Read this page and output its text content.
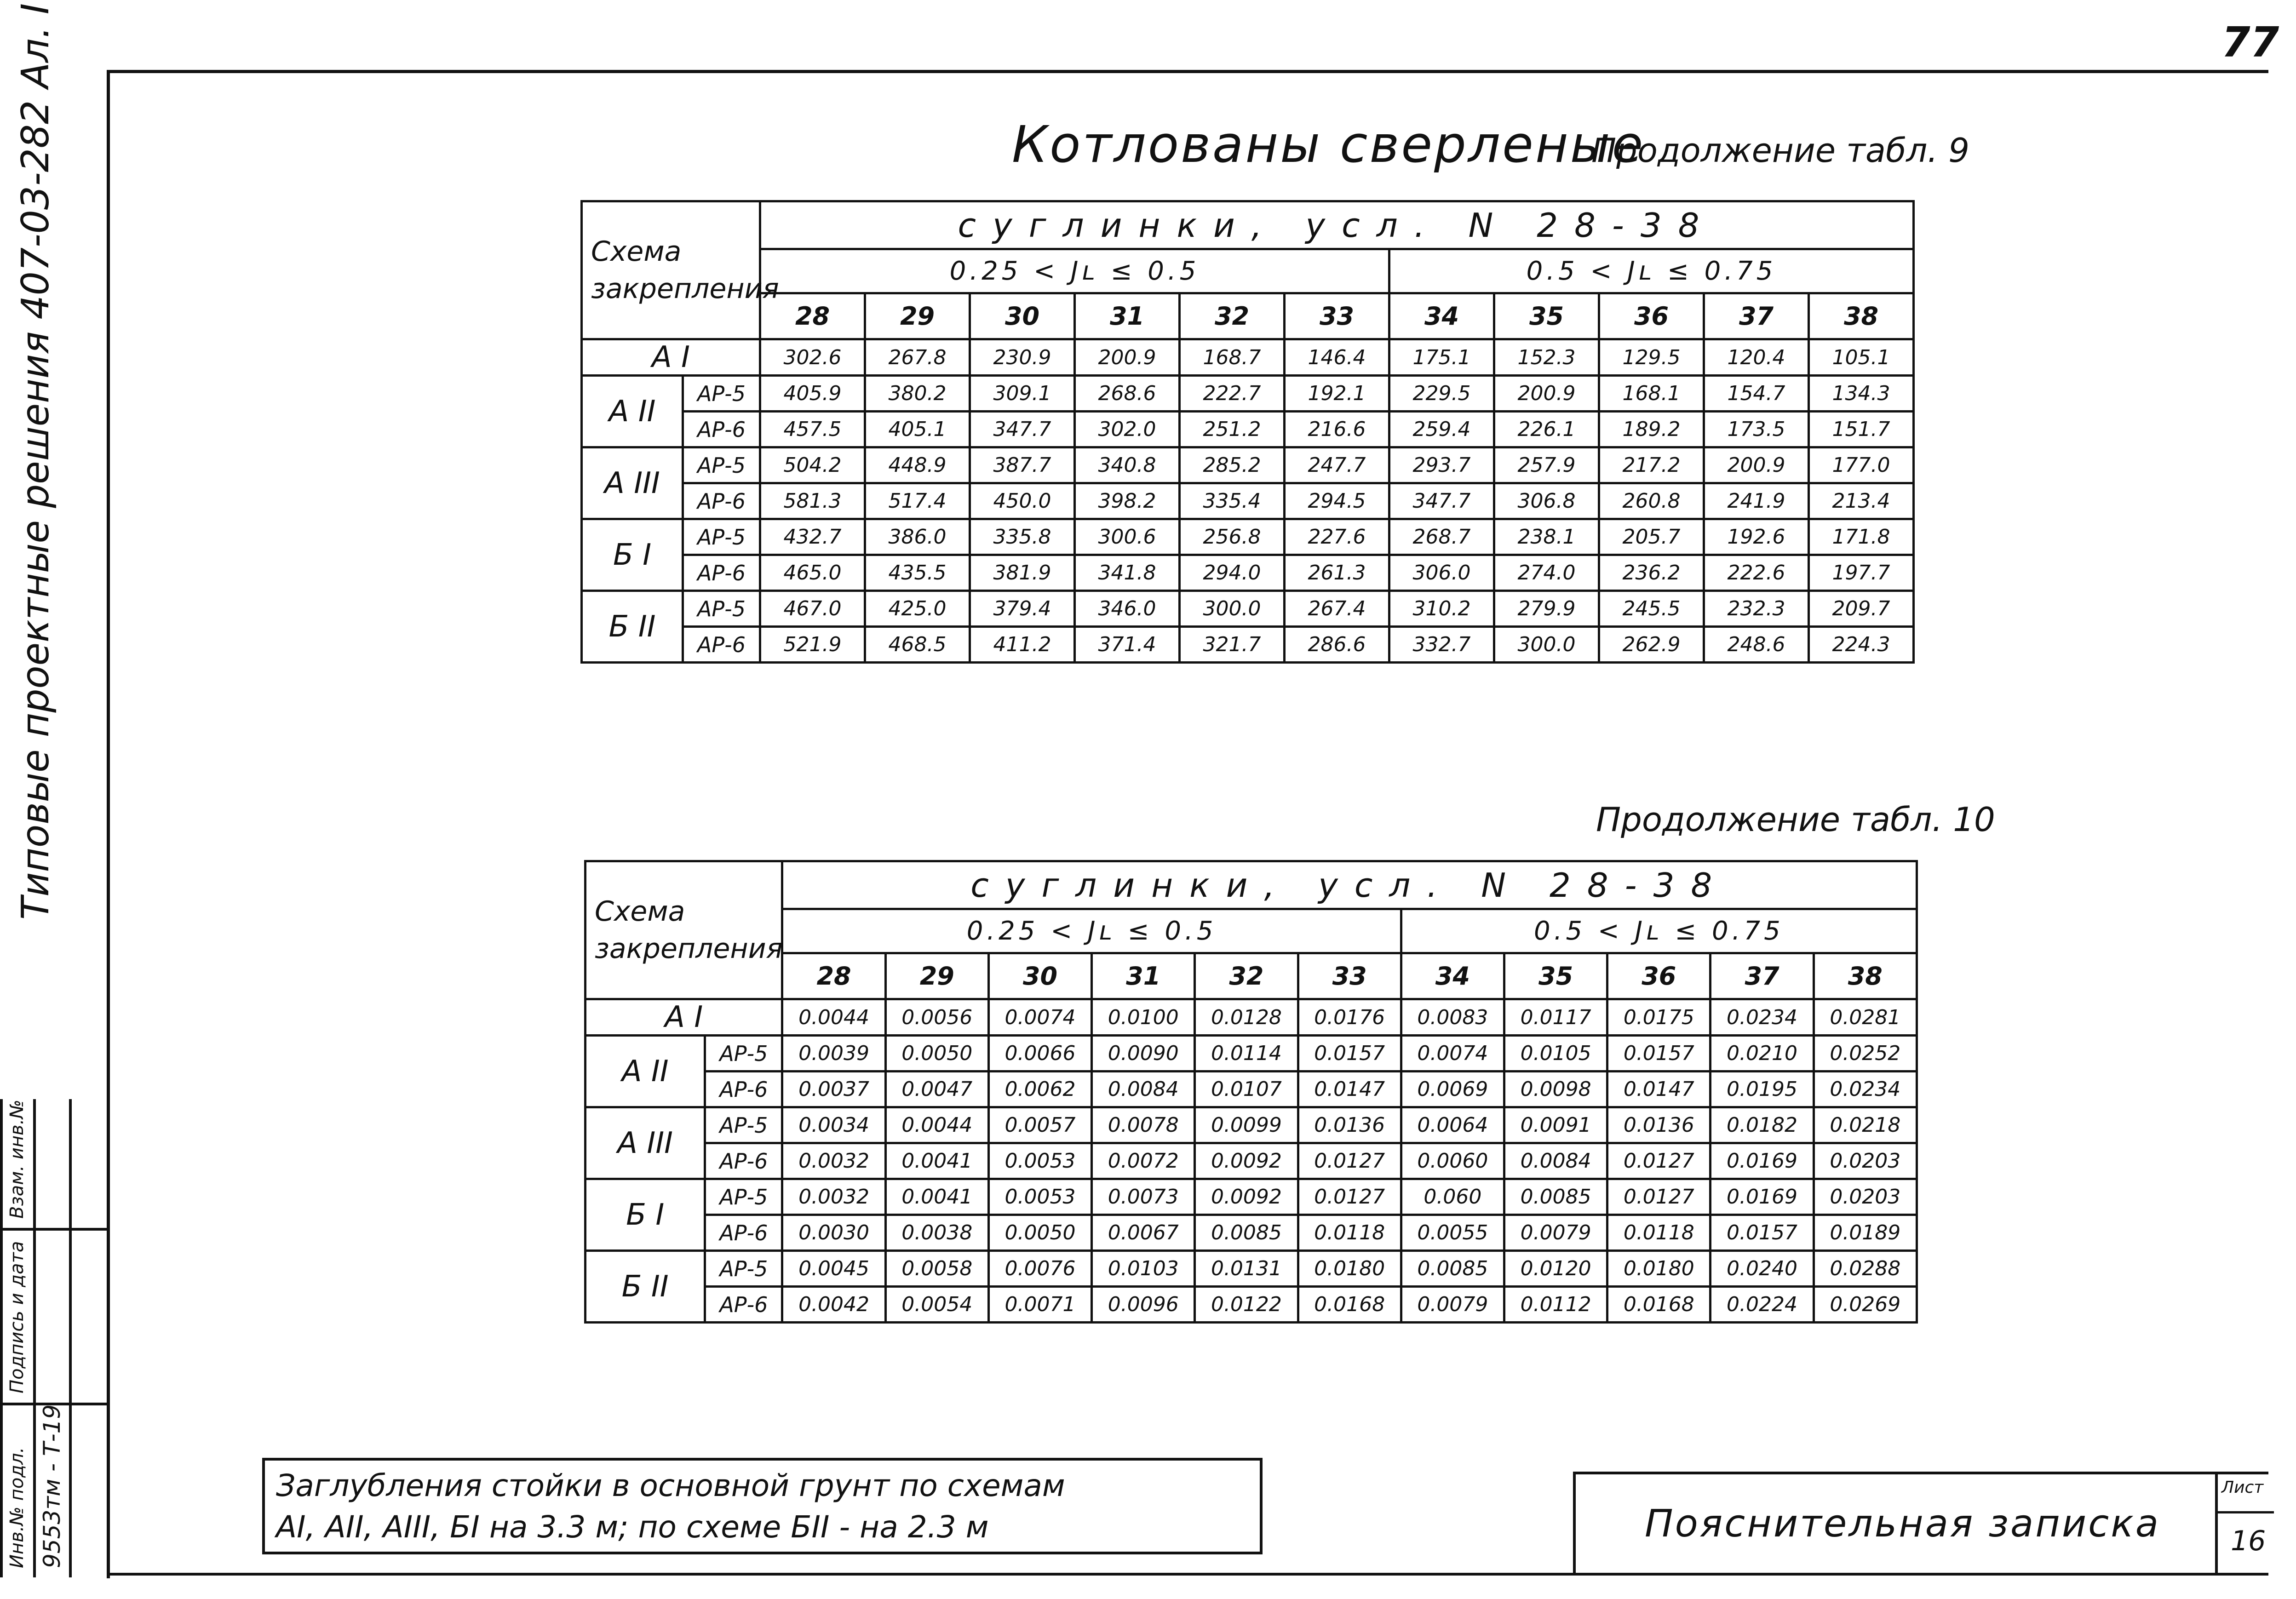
77
Типовые проектные решения 407-03-282 Ал. I
Инв.№ подл.
Подпись и дата
Взам. инв.№
9553тм - Т-19
Котлованы сверленые
Продолжение табл. 9
Продолжение табл. 10
Схема закрепления		суглинки, усл. N 28-38										
		0.25 < Jʟ ≤ 0.5						0.5 < Jʟ ≤ 0.75				
		28	29	30	31	32	33	34	35	36	37	38
А I		302.6	267.8	230.9	200.9	168.7	146.4	175.1	152.3	129.5	120.4	105.1
А II	АР-5	405.9	380.2	309.1	268.6	222.7	192.1	229.5	200.9	168.1	154.7	134.3
	АР-6	457.5	405.1	347.7	302.0	251.2	216.6	259.4	226.1	189.2	173.5	151.7
А III	АР-5	504.2	448.9	387.7	340.8	285.2	247.7	293.7	257.9	217.2	200.9	177.0
	АР-6	581.3	517.4	450.0	398.2	335.4	294.5	347.7	306.8	260.8	241.9	213.4
Б I	АР-5	432.7	386.0	335.8	300.6	256.8	227.6	268.7	238.1	205.7	192.6	171.8
	АР-6	465.0	435.5	381.9	341.8	294.0	261.3	306.0	274.0	236.2	222.6	197.7
Б II	АР-5	467.0	425.0	379.4	346.0	300.0	267.4	310.2	279.9	245.5	232.3	209.7
	АР-6	521.9	468.5	411.2	371.4	321.7	286.6	332.7	300.0	262.9	248.6	224.3
Схема закрепления		суглинки, усл. N 28-38										
		0.25 < Jʟ ≤ 0.5						0.5 < Jʟ ≤ 0.75				
		28	29	30	31	32	33	34	35	36	37	38
А I		0.0044	0.0056	0.0074	0.0100	0.0128	0.0176	0.0083	0.0117	0.0175	0.0234	0.0281
А II	АР-5	0.0039	0.0050	0.0066	0.0090	0.0114	0.0157	0.0074	0.0105	0.0157	0.0210	0.0252
	АР-6	0.0037	0.0047	0.0062	0.0084	0.0107	0.0147	0.0069	0.0098	0.0147	0.0195	0.0234
А III	АР-5	0.0034	0.0044	0.0057	0.0078	0.0099	0.0136	0.0064	0.0091	0.0136	0.0182	0.0218
	АР-6	0.0032	0.0041	0.0053	0.0072	0.0092	0.0127	0.0060	0.0084	0.0127	0.0169	0.0203
Б I	АР-5	0.0032	0.0041	0.0053	0.0073	0.0092	0.0127	0.060	0.0085	0.0127	0.0169	0.0203
	АР-6	0.0030	0.0038	0.0050	0.0067	0.0085	0.0118	0.0055	0.0079	0.0118	0.0157	0.0189
Б II	АР-5	0.0045	0.0058	0.0076	0.0103	0.0131	0.0180	0.0085	0.0120	0.0180	0.0240	0.0288
	АР-6	0.0042	0.0054	0.0071	0.0096	0.0122	0.0168	0.0079	0.0112	0.0168	0.0224	0.0269
Заглубления стойки в основной грунт по схемам
AI, AII, AIII, БI на 3.3 м; по схеме БII - на 2.3 м	Пояснительная записка
Лист
16
